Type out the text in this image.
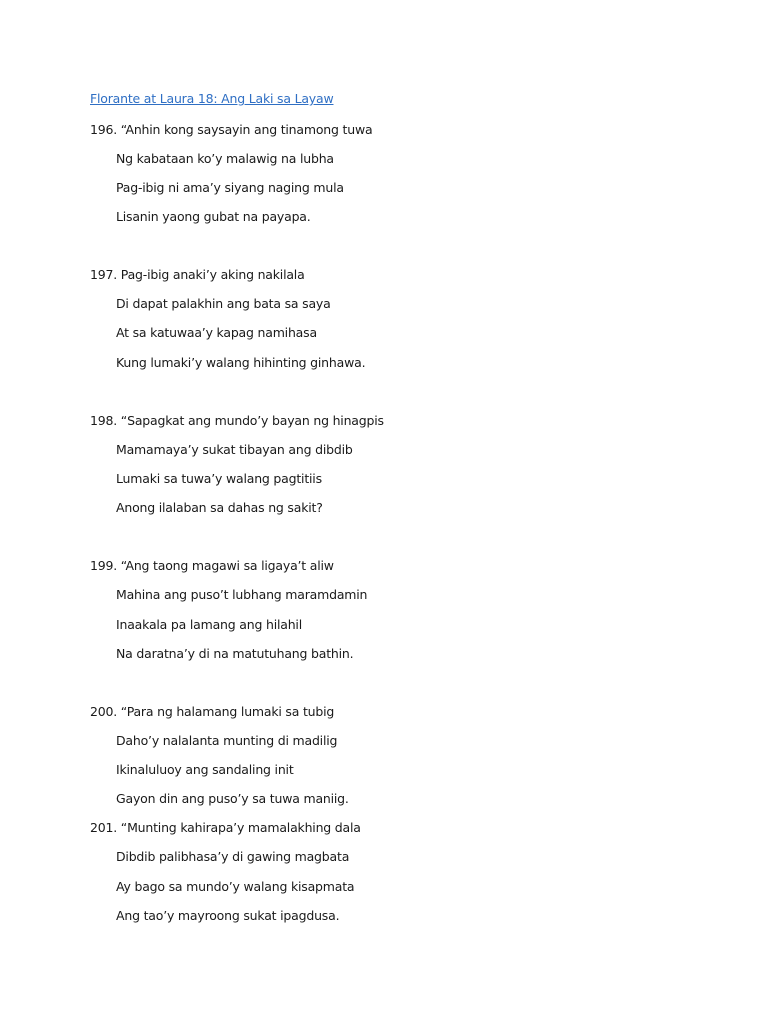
Florante at Laura 18: Ang Laki sa Layaw
196. “Anhin kong saysayin ang tinamong tuwa
Ng kabataan ko’y malawig na lubha
Pag-ibig ni ama’y siyang naging mula
Lisanin yaong gubat na payapa.
197. Pag-ibig anaki’y aking nakilala
Di dapat palakhin ang bata sa saya
At sa katuwaa’y kapag namihasa
Kung lumaki’y walang hihinting ginhawa.
198. “Sapagkat ang mundo’y bayan ng hinagpis
Mamamaya’y sukat tibayan ang dibdib
Lumaki sa tuwa’y walang pagtitiis
Anong ilalaban sa dahas ng sakit?
199. “Ang taong magawi sa ligaya’t aliw
Mahina ang puso’t lubhang maramdamin
Inaakala pa lamang ang hilahil
Na daratna’y di na matutuhang bathin.
200. “Para ng halamang lumaki sa tubig
Daho’y nalalanta munting di madilig
Ikinaluluoy ang sandaling init
Gayon din ang puso’y sa tuwa maniig.
201. “Munting kahirapa’y mamalakhing dala
Dibdib palibhasa’y di gawing magbata
Ay bago sa mundo’y walang kisapmata
Ang tao’y mayroong sukat ipagdusa.
